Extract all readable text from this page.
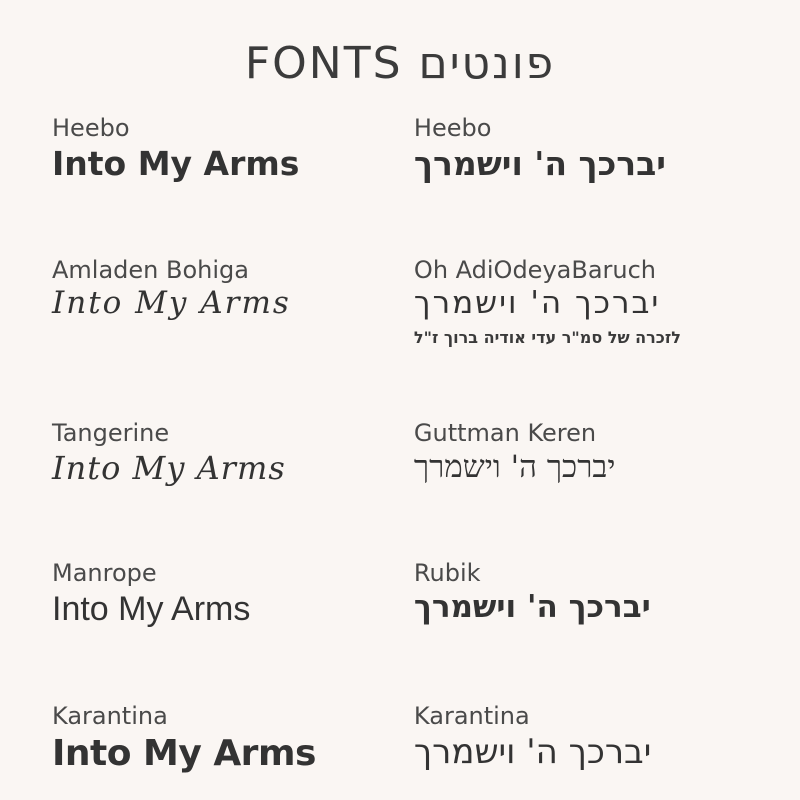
פונטים FONTS
Heebo
Into My Arms
Heebo
יברכך ה' וישמרך
Amladen Bohiga
Into My Arms
Oh AdiOdeyaBaruch
יברכך ה' וישמרך
לזכרה של סמ"ר עדי אודיה ברוך ז"ל
Tangerine
Into My Arms
Guttman Keren
יברכך ה' וישמרך
Manrope
Into My Arms
Rubik
יברכך ה' וישמרך
Karantina
Into My Arms
Karantina
יברכך ה' וישמרך
